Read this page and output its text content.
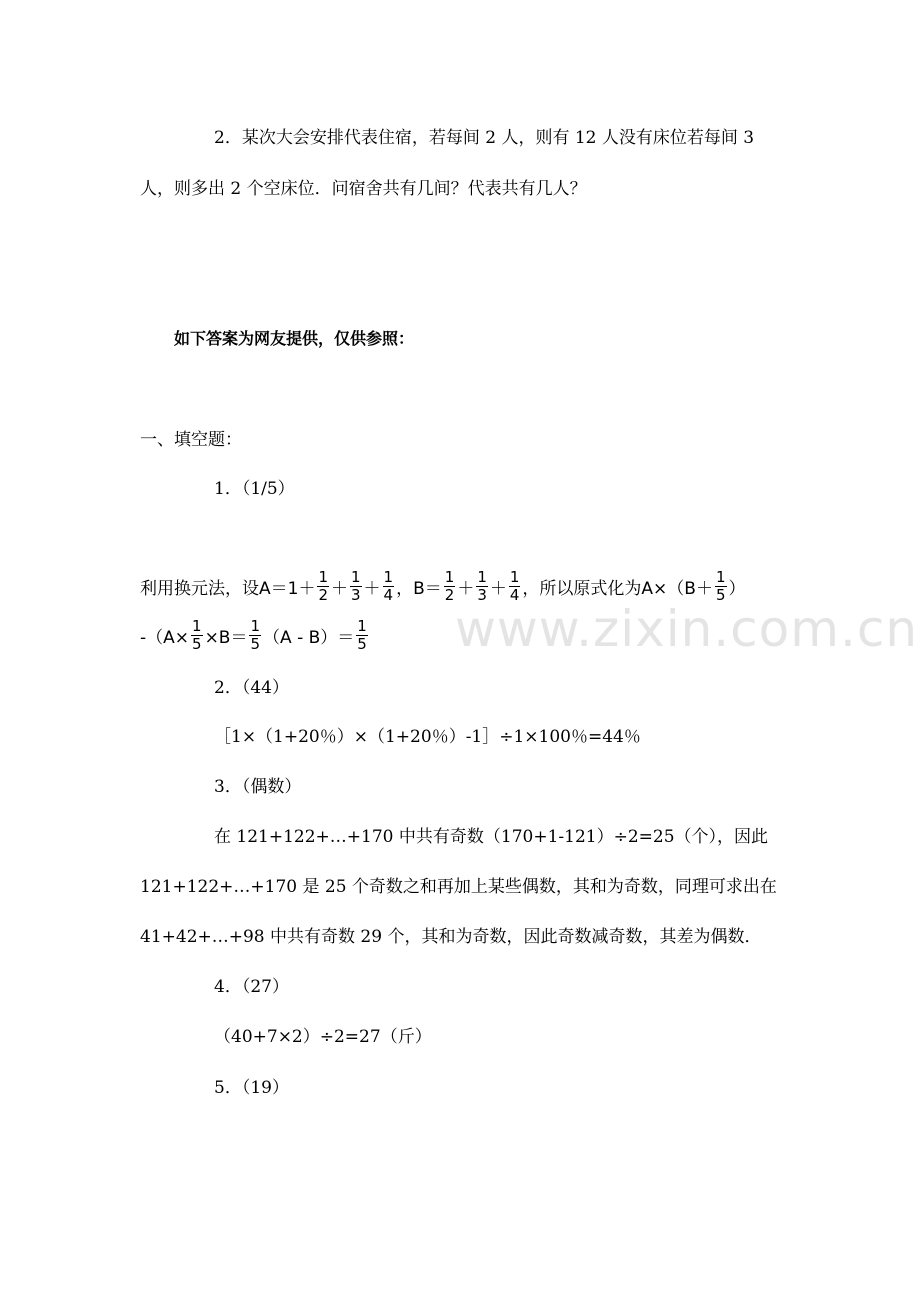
www.zixin.com.cn
2．某次大会安排代表住宿，若每间 2 人，则有 12 人没有床位若每间 3
人，则多出 2 个空床位．问宿舍共有几间？代表共有几人？
如下答案为网友提供，仅供参照：
一、填空题：
1．（1/5）
利用换元法，设$A=1+ \frac{1}{2} + \frac{1}{3} + \frac{1}{4}$ ，$B= \frac{1}{2} + \frac{1}{3} + \frac{1}{4}$ ，所以原式化为$A\times(B+ \frac{1}{5}$ ）
$-(A\times \frac{1}{5} \times B= \frac{1}{5} (A - B)= \frac{1}{5}$
2．（44）
［1×（1+20％）×（1+20％）-1］÷1×100％=44％
3．（偶数）
在 121+122+…+170 中共有奇数（170+1-121）÷2=25（个），因此
121+122+…+170 是 25 个奇数之和再加上某些偶数，其和为奇数，同理可求出在
41+42+…+98 中共有奇数 29 个，其和为奇数，因此奇数减奇数，其差为偶数．
4．（27）
（40+7×2）÷2=27（斤）
5．（19）
